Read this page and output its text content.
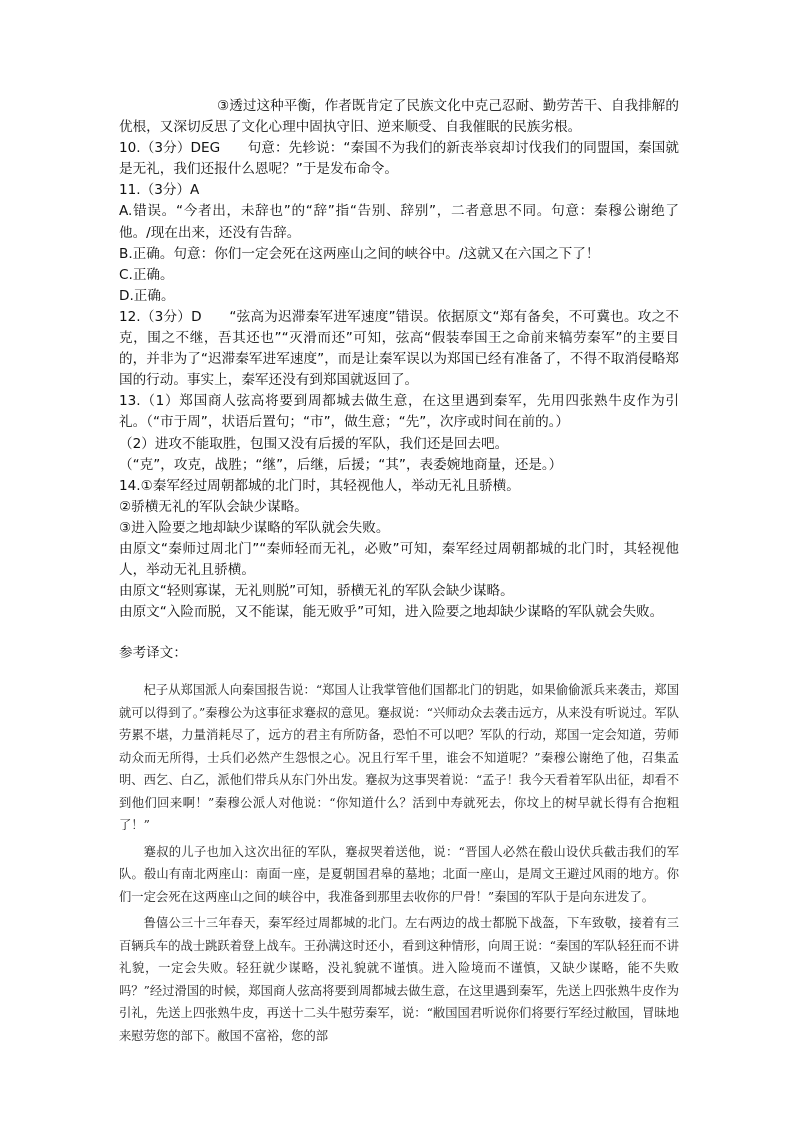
③透过这种平衡，作者既肯定了民族文化中克己忍耐、勤劳苦干、自我排解的优根，又深切反思了文化心理中固执守旧、逆来顺受、自我催眠的民族劣根。

10.（3分）DEG　　句意：先轸说：“秦国不为我们的新丧举哀却讨伐我们的同盟国，秦国就是无礼，我们还报什么恩呢？”于是发布命令。

11.（3分）A

A.错误。“今者出，未辞也”的“辞”指“告别、辞别”，二者意思不同。句意：秦穆公谢绝了他。/现在出来，还没有告辞。

B.正确。句意：你们一定会死在这两座山之间的峡谷中。/这就又在六国之下了！

C.正确。

D.正确。

12.（3分）D　　“弦高为迟滞秦军进军速度”错误。依据原文“郑有备矣，不可冀也。攻之不克，围之不继，吾其还也”“灭滑而还”可知，弦高“假装奉国王之命前来犒劳秦军”的主要目的，并非为了“迟滞秦军进军速度”，而是让秦军误以为郑国已经有准备了，不得不取消侵略郑国的行动。事实上，秦军还没有到郑国就返回了。

13.（1）郑国商人弦高将要到周都城去做生意，在这里遇到秦军，先用四张熟牛皮作为引礼。（“市于周”，状语后置句；“市”，做生意；“先”，次序或时间在前的。）

（2）进攻不能取胜，包围又没有后援的军队，我们还是回去吧。

（“克”，攻克，战胜；“继”，后继，后援；“其”，表委婉地商量，还是。）

14.①秦军经过周朝都城的北门时，其轻视他人，举动无礼且骄横。

②骄横无礼的军队会缺少谋略。

③进入险要之地却缺少谋略的军队就会失败。

由原文“秦师过周北门”“秦师轻而无礼，必败”可知，秦军经过周朝都城的北门时，其轻视他人，举动无礼且骄横。

由原文“轻则寡谋，无礼则脱”可知，骄横无礼的军队会缺少谋略。

由原文“入险而脱，又不能谋，能无败乎”可知，进入险要之地却缺少谋略的军队就会失败。

参考译文：

杞子从郑国派人向秦国报告说：“郑国人让我掌管他们国都北门的钥匙，如果偷偷派兵来袭击，郑国就可以得到了。”秦穆公为这事征求蹇叔的意见。蹇叔说：“兴师动众去袭击远方，从来没有听说过。军队劳累不堪，力量消耗尽了，远方的君主有所防备，恐怕不可以吧？军队的行动，郑国一定会知道，劳师动众而无所得，士兵们必然产生怨恨之心。况且行军千里，谁会不知道呢？”秦穆公谢绝了他，召集孟明、西乞、白乙，派他们带兵从东门外出发。蹇叔为这事哭着说：“孟子！我今天看着军队出征，却看不到他们回来啊！”秦穆公派人对他说：“你知道什么？活到中寿就死去，你坟上的树早就长得有合抱粗了！”

蹇叔的儿子也加入这次出征的军队，蹇叔哭着送他，说：“晋国人必然在殽山设伏兵截击我们的军队。殽山有南北两座山：南面一座，是夏朝国君皋的墓地；北面一座山，是周文王避过风雨的地方。你们一定会死在这两座山之间的峡谷中，我准备到那里去收你的尸骨！”秦国的军队于是向东进发了。

鲁僖公三十三年春天，秦军经过周都城的北门。左右两边的战士都脱下战盔，下车致敬，接着有三百辆兵车的战士跳跃着登上战车。王孙满这时还小，看到这种情形，向周王说：“秦国的军队轻狂而不讲礼貌，一定会失败。轻狂就少谋略，没礼貌就不谨慎。进入险境而不谨慎，又缺少谋略，能不失败吗？”经过滑国的时候，郑国商人弦高将要到周都城去做生意，在这里遇到秦军，先送上四张熟牛皮作为引礼，先送上四张熟牛皮，再送十二头牛慰劳秦军，说：“敝国国君听说你们将要行军经过敝国，冒昧地来慰劳您的部下。敝国不富裕，您的部
